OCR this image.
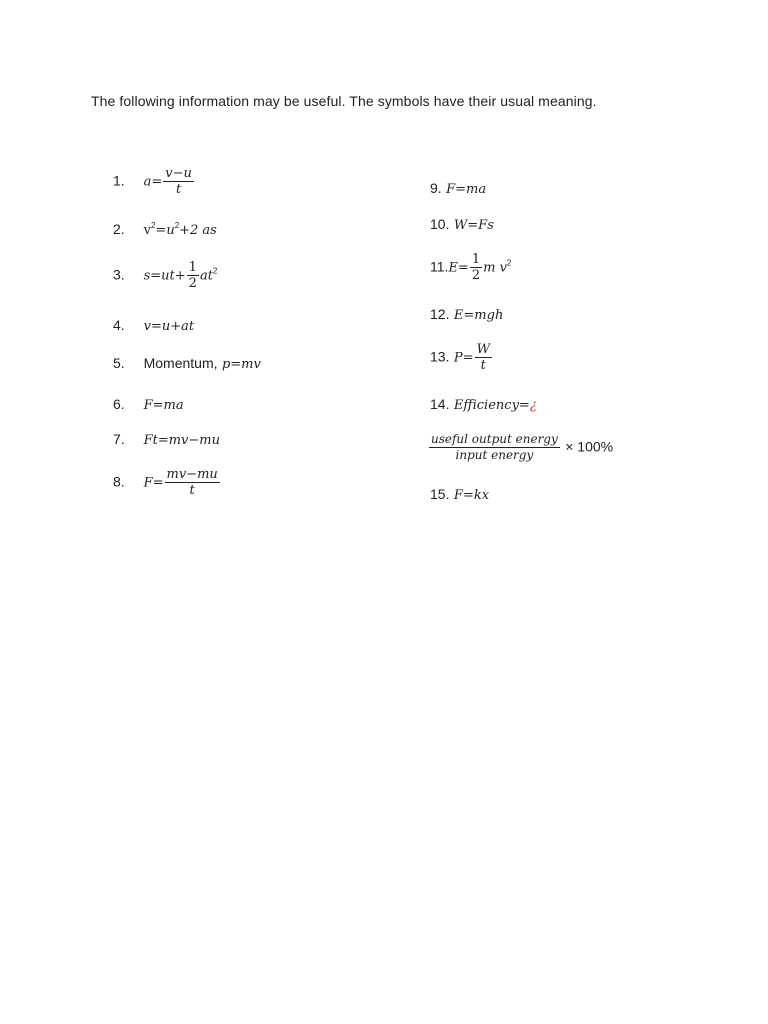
The following information may be useful. The symbols have their usual meaning.
1. $a= \frac{v-u}{t}$
2. $v^2=u^2+2$ as
3. $s=ut+ \frac{1}{2} at^2$
4. v=u+at
5. Momentum, p=mv
6. F=ma
7. Ft=mv−mu
8. $F= \frac{mv-mu}{t}$
9. F=ma
10. W=Fs
$11.E= \frac{1}{2}$ m $v^2$
12. E=mgh
13. $P= \frac{W}{t}$
14. Efficiency=¿
$\frac{\text{useful output energy}}{\text{input energy}} \times 100\%$
15. F=kx
